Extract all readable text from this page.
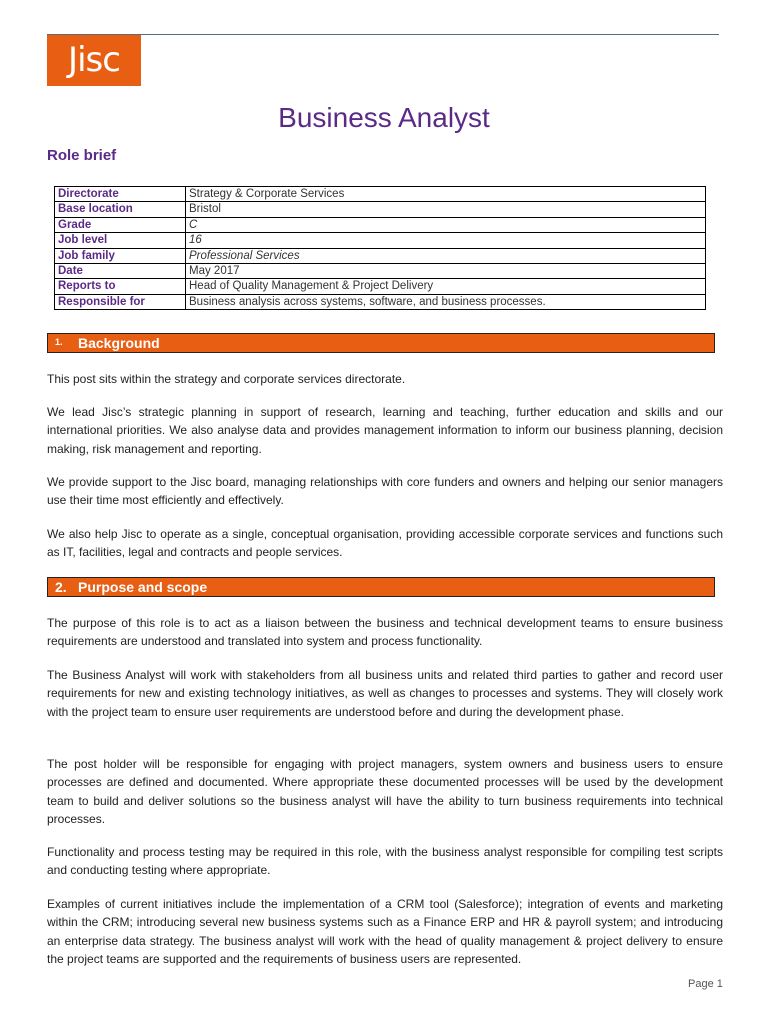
Jisc
Business Analyst
Role brief
Directorate	Strategy & Corporate Services
Base location	Bristol
Grade	C
Job level	16
Job family	Professional Services
Date	May 2017
Reports to	Head of Quality Management & Project Delivery
Responsible for	Business analysis across systems, software, and business processes.
1. Background
This post sits within the strategy and corporate services directorate.
We lead Jisc’s strategic planning in support of research, learning and teaching, further education and skills and our international priorities. We also analyse data and provides management information to inform our business planning, decision making, risk management and reporting.
We provide support to the Jisc board, managing relationships with core funders and owners and helping our senior managers use their time most efficiently and effectively.
We also help Jisc to operate as a single, conceptual organisation, providing accessible corporate services and functions such as IT, facilities, legal and contracts and people services.
2. Purpose and scope
The purpose of this role is to act as a liaison between the business and technical development teams to ensure business requirements are understood and translated into system and process functionality.
The Business Analyst will work with stakeholders from all business units and related third parties to gather and record user requirements for new and existing technology initiatives, as well as changes to processes and systems. They will closely work with the project team to ensure user requirements are understood before and during the development phase.
The post holder will be responsible for engaging with project managers, system owners and business users to ensure processes are defined and documented. Where appropriate these documented processes will be used by the development team to build and deliver solutions so the business analyst will have the ability to turn business requirements into technical processes.
Functionality and process testing may be required in this role, with the business analyst responsible for compiling test scripts and conducting testing where appropriate.
Examples of current initiatives include the implementation of a CRM tool (Salesforce); integration of events and marketing within the CRM; introducing several new business systems such as a Finance ERP and HR & payroll system; and introducing an enterprise data strategy. The business analyst will work with the head of quality management & project delivery to ensure the project teams are supported and the requirements of business users are represented.
Page 1
